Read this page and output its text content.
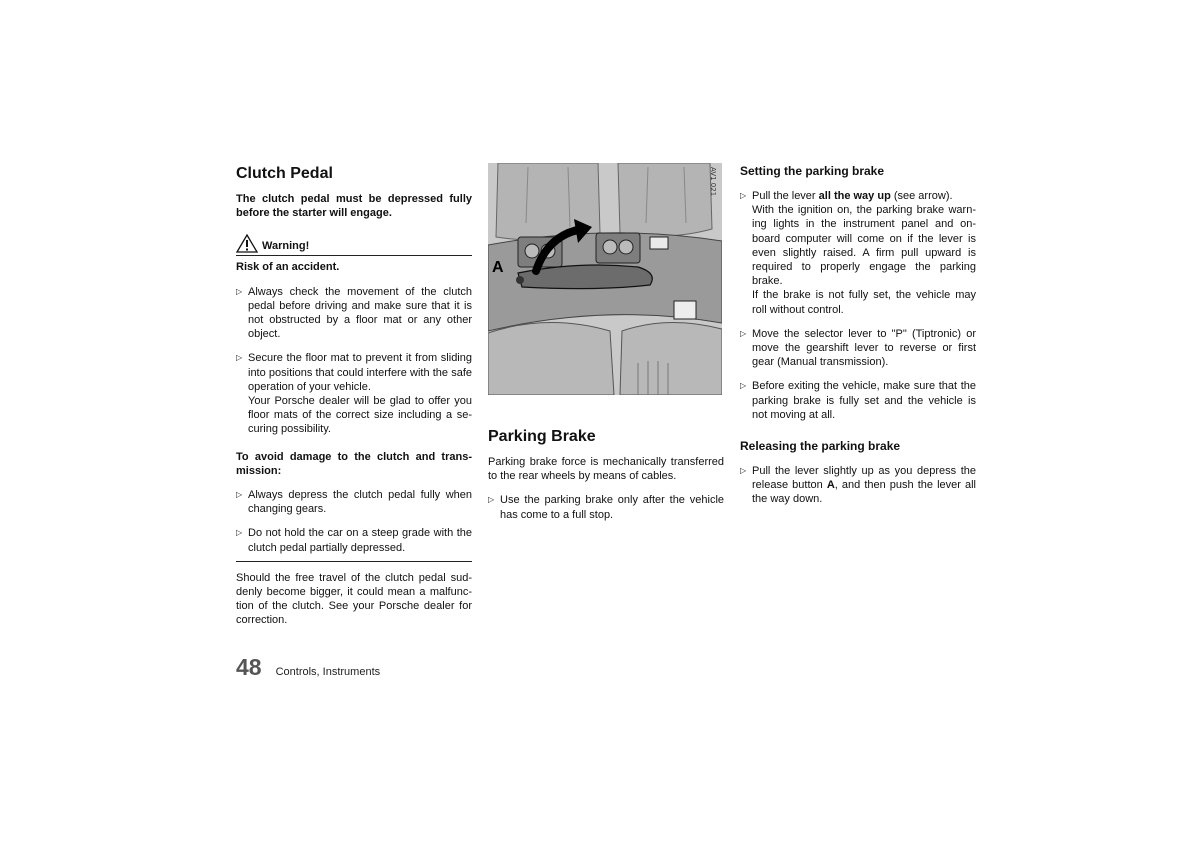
Clutch Pedal

The clutch pedal must be depressed fully before the starter will engage.

Warning!

Risk of an accident.

▷ Always check the movement of the clutch pedal before driving and make sure that it is not obstructed by a floor mat or any other object.
▷ Secure the floor mat to prevent it from sliding into positions that could interfere with the safe operation of your vehicle.
Your Porsche dealer will be glad to offer you floor mats of the correct size including a se-curing possibility.

To avoid damage to the clutch and trans-mission:

▷ Always depress the clutch pedal fully when changing gears.
▷ Do not hold the car on a steep grade with the clutch pedal partially depressed.

Should the free travel of the clutch pedal sud-denly become bigger, it could mean a malfunc-tion of the clutch. See your Porsche dealer for correction.

AV1 021
A
Parking Brake

Parking brake force is mechanically transferred to the rear wheels by means of cables.

▷ Use the parking brake only after the vehicle has come to a full stop.
Setting the parking brake
▷ Pull the lever all the way up (see arrow).
With the ignition on, the parking brake warn-ing lights in the instrument panel and on-board computer will come on if the lever is even slightly raised. A firm pull upward is required to properly engage the parking brake.
If the brake is not fully set, the vehicle may roll without control.
▷ Move the selector lever to "P" (Tiptronic) or move the gearshift lever to reverse or first gear (Manual transmission).
▷ Before exiting the vehicle, make sure that the parking brake is fully set and the vehicle is not moving at all.
Releasing the parking brake
▷ Pull the lever slightly up as you depress the release button A, and then push the lever all the way down.
48 Controls, Instruments
